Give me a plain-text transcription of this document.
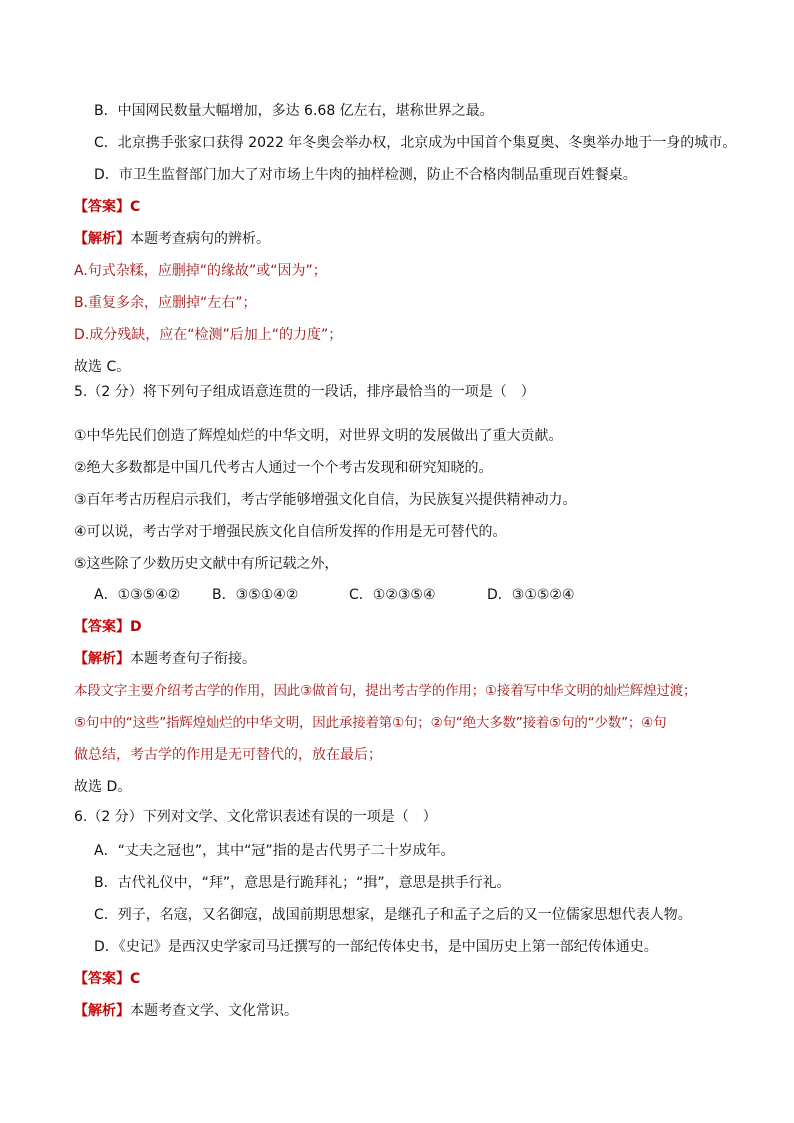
B．中国网民数量大幅增加，多达 6.68 亿左右，堪称世界之最。
C．北京携手张家口获得 2022 年冬奥会举办权，北京成为中国首个集夏奥、冬奥举办地于一身的城市。
D．市卫生监督部门加大了对市场上牛肉的抽样检测，防止不合格肉制品重现百姓餐桌。
【答案】C
【解析】本题考查病句的辨析。
A.句式杂糅，应删掉“的缘故”或“因为”；
B.重复多余，应删掉“左右”；
D.成分残缺，应在“检测”后加上“的力度”；
故选 C。
5.（2 分）将下列句子组成语意连贯的一段话，排序最恰当的一项是（　）
①中华先民们创造了辉煌灿烂的中华文明，对世界文明的发展做出了重大贡献。
②绝大多数都是中国几代考古人通过一个个考古发现和研究知晓的。
③百年考古历程启示我们，考古学能够增强文化自信，为民族复兴提供精神动力。
④可以说，考古学对于增强民族文化自信所发挥的作用是无可替代的。
⑤这些除了少数历史文献中有所记载之外，
A．①③⑤④② B．③⑤①④②	C．①②③⑤④	D．③①⑤②④
【答案】D
【解析】本题考查句子衔接。
本段文字主要介绍考古学的作用，因此③做首句，提出考古学的作用；①接着写中华文明的灿烂辉煌过渡；
⑤句中的“这些”指辉煌灿烂的中华文明，因此承接着第①句；②句“绝大多数”接着⑤句的“少数”；④句
做总结，考古学的作用是无可替代的，放在最后；
故选 D。
6.（2 分）下列对文学、文化常识表述有误的一项是（　）
A．“丈夫之冠也”，其中“冠”指的是古代男子二十岁成年。
B．古代礼仪中，“拜”，意思是行跪拜礼；“揖”，意思是拱手行礼。
C．列子，名寇，又名御寇，战国前期思想家，是继孔子和孟子之后的又一位儒家思想代表人物。
D．《史记》是西汉史学家司马迁撰写的一部纪传体史书，是中国历史上第一部纪传体通史。
【答案】C
【解析】本题考查文学、文化常识。
